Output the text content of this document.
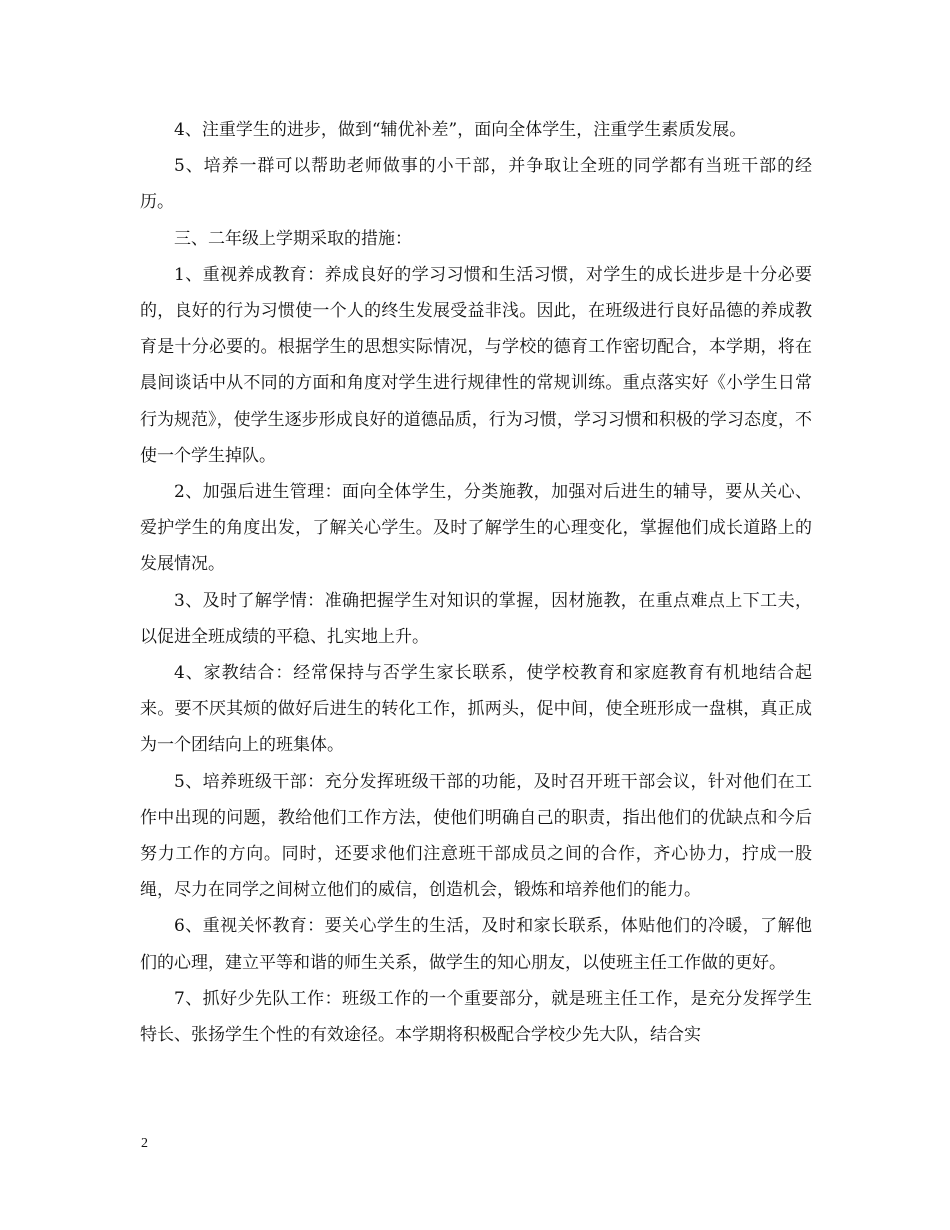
4、注重学生的进步，做到“辅优补差”，面向全体学生，注重学生素质发展。

5、培养一群可以帮助老师做事的小干部，并争取让全班的同学都有当班干部的经历。

三、二年级上学期采取的措施：

1、重视养成教育：养成良好的学习习惯和生活习惯，对学生的成长进步是十分必要的，良好的行为习惯使一个人的终生发展受益非浅。因此，在班级进行良好品德的养成教育是十分必要的。根据学生的思想实际情况，与学校的德育工作密切配合，本学期，将在晨间谈话中从不同的方面和角度对学生进行规律性的常规训练。重点落实好《小学生日常行为规范》，使学生逐步形成良好的道德品质，行为习惯，学习习惯和积极的学习态度，不使一个学生掉队。

2、加强后进生管理：面向全体学生，分类施教，加强对后进生的辅导，要从关心、爱护学生的角度出发，了解关心学生。及时了解学生的心理变化，掌握他们成长道路上的发展情况。

3、及时了解学情：准确把握学生对知识的掌握，因材施教，在重点难点上下工夫，以促进全班成绩的平稳、扎实地上升。

4、家教结合：经常保持与否学生家长联系，使学校教育和家庭教育有机地结合起来。要不厌其烦的做好后进生的转化工作，抓两头，促中间，使全班形成一盘棋，真正成为一个团结向上的班集体。

5、培养班级干部：充分发挥班级干部的功能，及时召开班干部会议，针对他们在工作中出现的问题，教给他们工作方法，使他们明确自己的职责，指出他们的优缺点和今后努力工作的方向。同时，还要求他们注意班干部成员之间的合作，齐心协力，拧成一股绳，尽力在同学之间树立他们的威信，创造机会，锻炼和培养他们的能力。

6、重视关怀教育：要关心学生的生活，及时和家长联系，体贴他们的冷暖，了解他们的心理，建立平等和谐的师生关系，做学生的知心朋友，以使班主任工作做的更好。

7、抓好少先队工作：班级工作的一个重要部分，就是班主任工作，是充分发挥学生特长、张扬学生个性的有效途径。本学期将积极配合学校少先大队，结合实

2
